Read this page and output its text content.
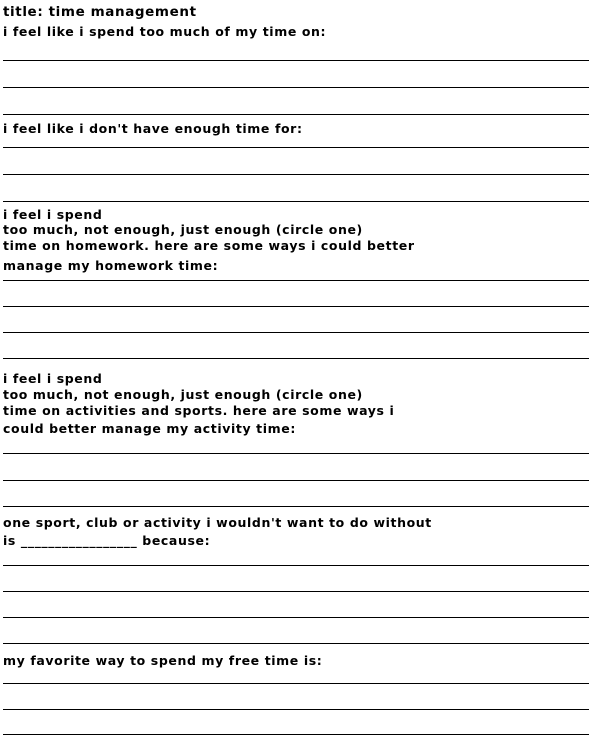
title: time management

i feel like i spend too much of my time on:

i feel like i don't have enough time for:

i feel i spend

too much, not enough, just enough (circle one)

time on homework. here are some ways i could better

manage my homework time:

i feel i spend

too much, not enough, just enough (circle one)

time on activities and sports. here are some ways i

could better manage my activity time:

one sport, club or activity i wouldn't want to do without

is _________________ because:

my favorite way to spend my free time is:
